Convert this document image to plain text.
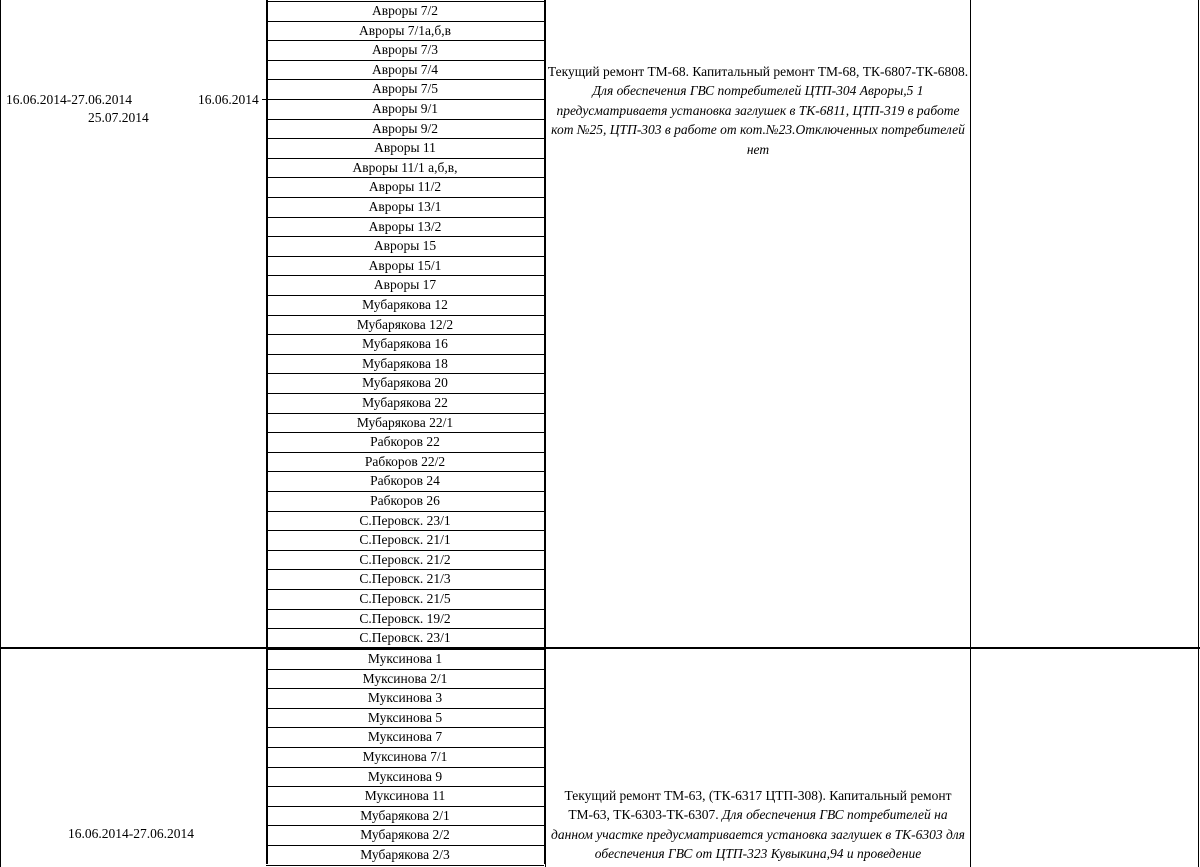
16.06.2014-27.06.2014
25.07.2014
16.06.2014
Авроры 7/2
Авроры 7/1а,б,в
Авроры 7/3
Авроры 7/4
Авроры 7/5
Авроры 9/1
Авроры 9/2
Авроры 11
Авроры 11/1 а,б,в,
Авроры 11/2
Авроры 13/1
Авроры 13/2
Авроры 15
Авроры 15/1
Авроры 17
Мубарякова 12
Мубарякова 12/2
Мубарякова 16
Мубарякова 18
Мубарякова 20
Мубарякова 22
Мубарякова 22/1
Рабкоров 22
Рабкоров 22/2
Рабкоров 24
Рабкоров 26
С.Перовск. 23/1
С.Перовск. 21/1
С.Перовск. 21/2
С.Перовск. 21/3
С.Перовск. 21/5
С.Перовск. 19/2
С.Перовск. 23/1
Текущий ремонт ТМ-68. Капитальный ремонт ТМ-68, ТК-6807-ТК-6808. Для обеспечения ГВС потребителей ЦТП-304 Авроры,5 1 предусматриваетя установка заглушек в ТК-6811, ЦТП-319 в работе кот №25, ЦТП-303 в работе от кот.№23.Отключенных потребителей нет
16.06.2014-27.06.2014
Муксинова 1
Муксинова 2/1
Муксинова 3
Муксинова 5
Муксинова 7
Муксинова 7/1
Муксинова 9
Муксинова 11
Мубарякова 2/1
Мубарякова 2/2
Мубарякова 2/3
Текущий ремонт ТМ-63, (ТК-6317 ЦТП-308). Капитальный ремонт ТМ-63, ТК-6303-ТК-6307. Для обеспечения ГВС потребителей на данном участке предусматривается установка заглушек в ТК-6303 для обеспечения ГВС от ЦТП-323 Кувыкина,94 и проведение
